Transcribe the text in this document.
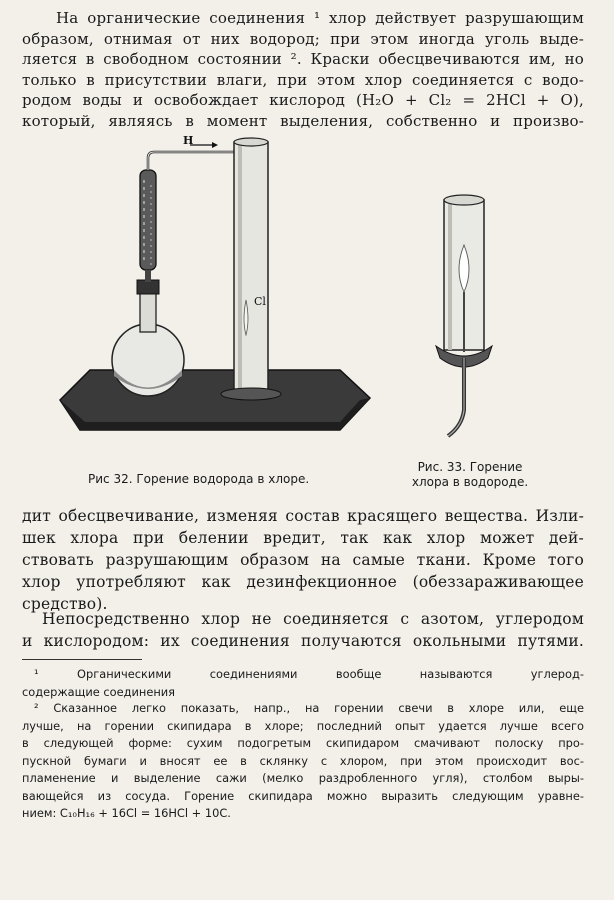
На органические соединения ¹ хлор действует разрушающим
образом, отнимая от них водород; при этом иногда уголь выде-
ляется в свободном состоянии ². Краски обесцвечиваются им, но
только в присутствии влаги, при этом хлор соединяется с водо-
родом воды и освобождает кислород (H₂O + Cl₂ = 2HCl + O),
который, являясь в момент выделения, собственно и произво-

H
Cl
Рис 32. Горение водорода в хлоре.
Рис. 33. Горение
хлора в водороде.

дит обесцвечивание, изменяя состав красящего вещества. Изли-
шек хлора при белении вредит, так как хлор может дей-
ствовать разрушающим образом на самые ткани. Кроме того
хлор употребляют как дезинфекционное (обеззараживающее
средство).

Непосредственно хлор не соединяется с азотом, углеродом
и кислородом: их соединения получаются окольными путями.

¹ Органическими соединениями вообще называются углерод-
содержащие соединения

² Сказанное легко показать, напр., на горении свечи в хлоре или, еще
лучше, на горении скипидара в хлоре; последний опыт удается лучше всего
в следующей форме: сухим подогретым скипидаром смачивают полоску про-
пускной бумаги и вносят ее в склянку с хлором, при этом происходит вос-
пламенение и выделение сажи (мелко раздробленного угля), столбом выры-
вающейся из сосуда. Горение скипидара можно выразить следующим уравне-
нием: C₁₀H₁₆ + 16Cl = 16HCl + 10C.
